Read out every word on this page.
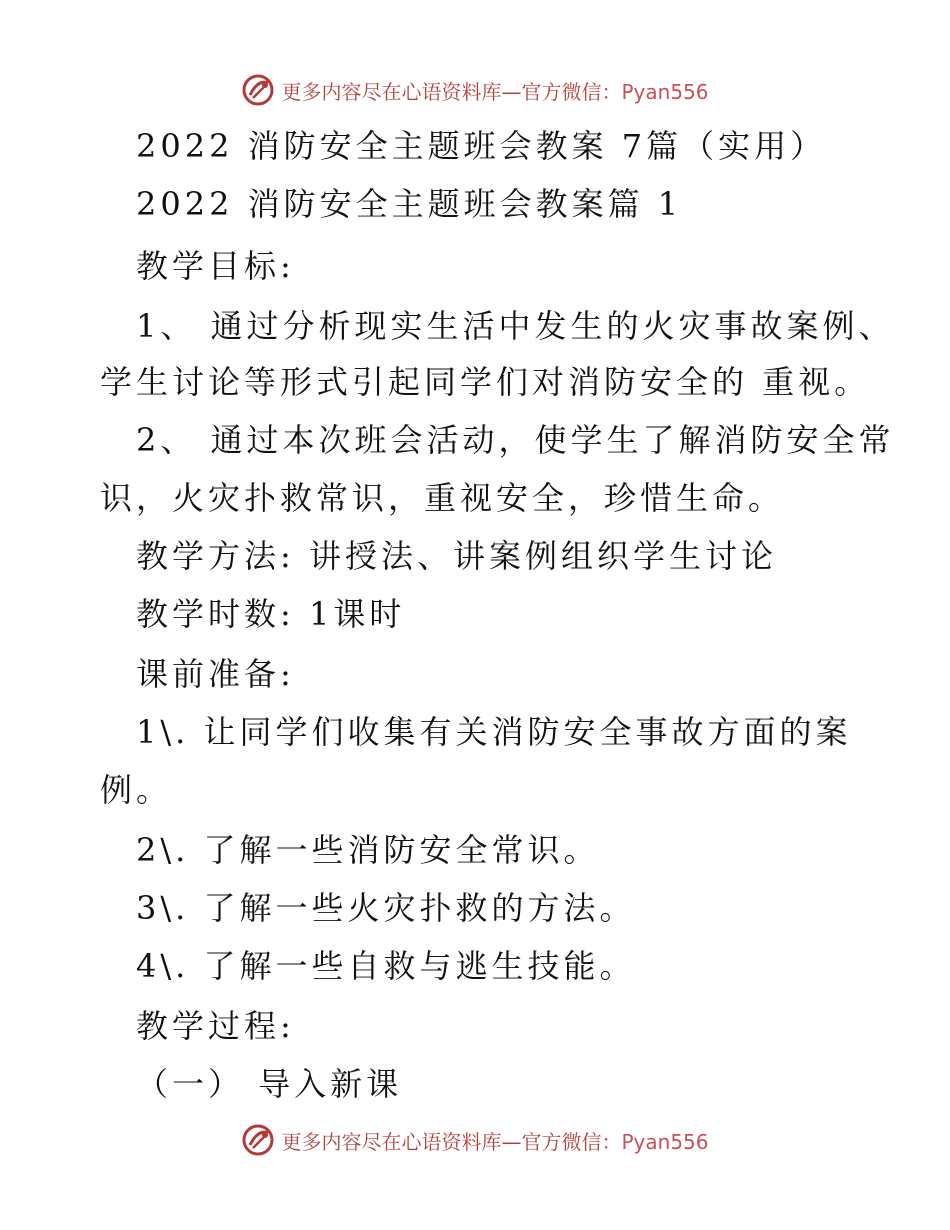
更多内容尽在心语资料库—官方微信：Pyan556
2022 消防安全主题班会教案 7篇（实用）
2022 消防安全主题班会教案篇 1
教学目标:
1、 通过分析现实生活中发生的火灾事故案例、
学生讨论等形式引起同学们对消防安全的 重视。
2、 通过本次班会活动，使学生了解消防安全常
识，火灾扑救常识，重视安全，珍惜生命。
教学方法: 讲授法、讲案例组织学生讨论
教学时数: 1课时
课前准备:
1\. 让同学们收集有关消防安全事故方面的案
例。
2\. 了解一些消防安全常识。
3\. 了解一些火灾扑救的方法。
4\. 了解一些自救与逃生技能。
教学过程:
（一） 导入新课
更多内容尽在心语资料库—官方微信：Pyan556
